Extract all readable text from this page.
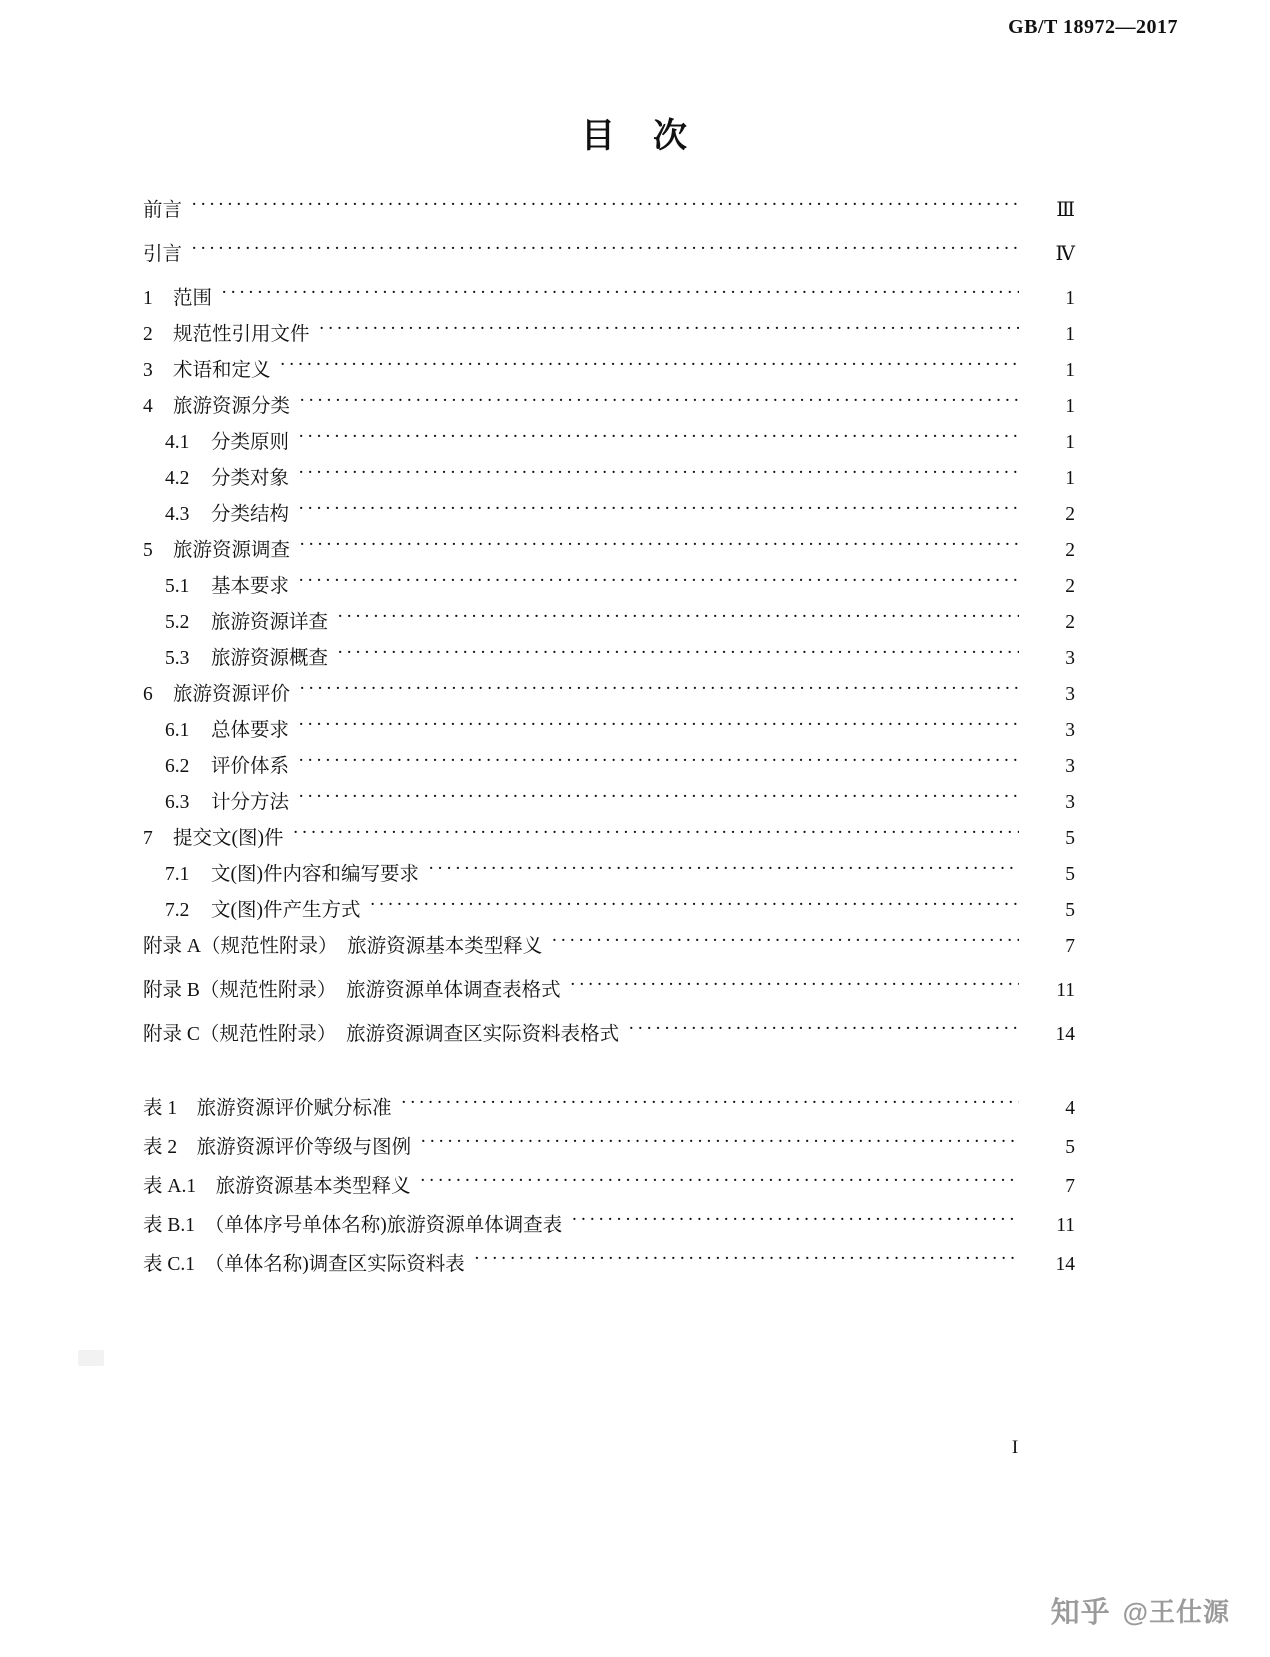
GB/T 18972—2017
目 次
前言 ·····	Ⅲ
引言 ·····	Ⅳ
1 范围 ·····	1
2 规范性引用文件 ·····	1
3 术语和定义 ·····	1
4 旅游资源分类 ·····	1
4.1 分类原则 ·····	1
4.2 分类对象 ·····	1
4.3 分类结构 ·····	2
5 旅游资源调查 ·····	2
5.1 基本要求 ·····	2
5.2 旅游资源详查 ·····	2
5.3 旅游资源概查 ·····	3
6 旅游资源评价 ·····	3
6.1 总体要求 ·····	3
6.2 评价体系 ·····	3
6.3 计分方法 ·····	3
7 提交文(图)件 ·····	5
7.1 文(图)件内容和编写要求 ·····	5
7.2 文(图)件产生方式 ·····	5
附录 A（规范性附录）　旅游资源基本类型释义 ·····	7
附录 B（规范性附录）　旅游资源单体调查表格式 ·····	11
附录 C（规范性附录）　旅游资源调查区实际资料表格式 ·····	14
表 1　旅游资源评价赋分标准 ·····	4
表 2　旅游资源评价等级与图例 ·····	5
表 A.1　旅游资源基本类型释义 ·····	7
表 B.1　（单体序号单体名称)旅游资源单体调查表 ·····	11
表 C.1　（单体名称)调查区实际资料表 ·····	14
I
知乎 @王仕源
